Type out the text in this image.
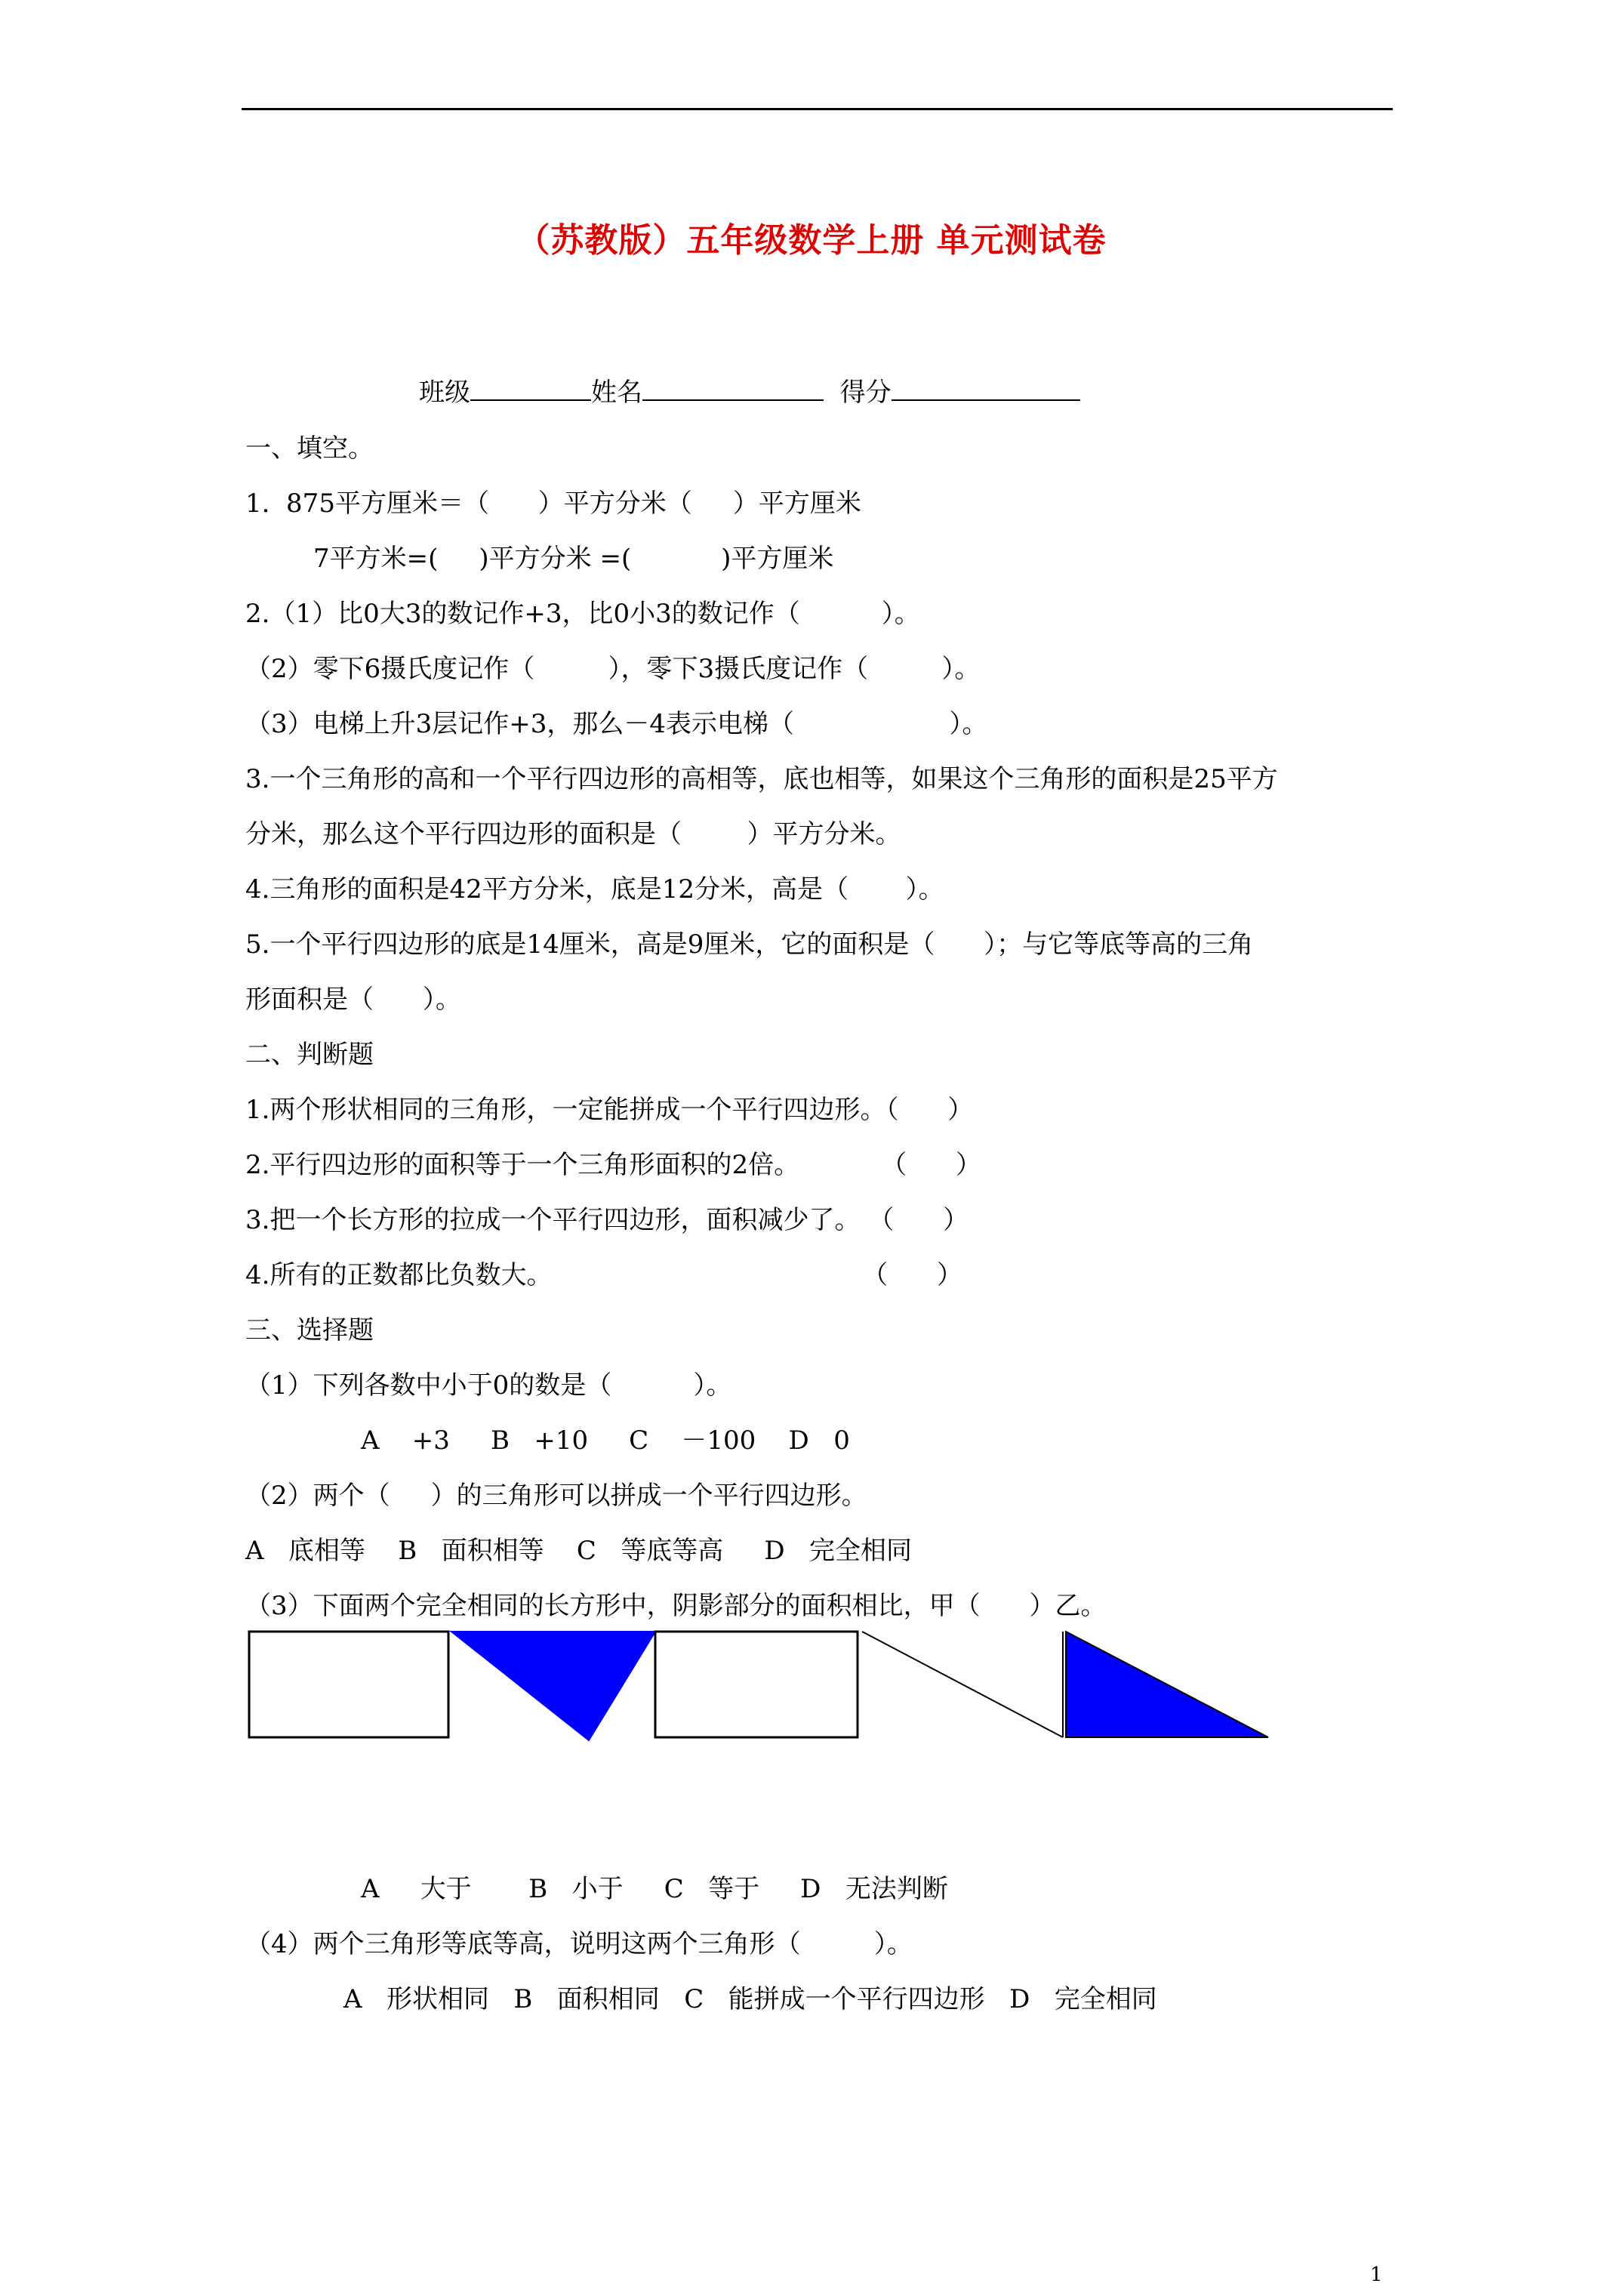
（苏教版）五年级数学上册 单元测试卷
班级	姓名	得分
一、填空。
1.  875平方厘米＝（      ）平方分米（     ）平方厘米
7平方米=(     )平方分米 =(           )平方厘米
2.（1）比0大3的数记作+3，比0小3的数记作（          ）。
（2）零下6摄氏度记作（         ），零下3摄氏度记作（         ）。
（3）电梯上升3层记作+3，那么－4表示电梯（                   ）。
3.一个三角形的高和一个平行四边形的高相等，底也相等，如果这个三角形的面积是25平方
分米，那么这个平行四边形的面积是（        ）平方分米。
4.三角形的面积是42平方分米，底是12分米，高是（       ）。
5.一个平行四边形的底是14厘米，高是9厘米，它的面积是（      ）；与它等底等高的三角
形面积是（      ）。
二、判断题
1.两个形状相同的三角形，一定能拼成一个平行四边形。（      ）
2.平行四边形的面积等于一个三角形面积的2倍。          （      ）
3.把一个长方形的拉成一个平行四边形，面积减少了。 （      ）
4.所有的正数都比负数大。                                      （      ）
三、选择题
（1）下列各数中小于0的数是（          ）。
A    +3     B   +10     C    －100    D   0
（2）两个（     ）的三角形可以拼成一个平行四边形。
A   底相等    B   面积相等    C   等底等高     D   完全相同
（3）下面两个完全相同的长方形中，阴影部分的面积相比，甲（      ）乙。
A     大于       B   小于     C   等于     D   无法判断
（4）两个三角形等底等高，说明这两个三角形（         ）。
A   形状相同   B   面积相同   C   能拼成一个平行四边形   D   完全相同
1
